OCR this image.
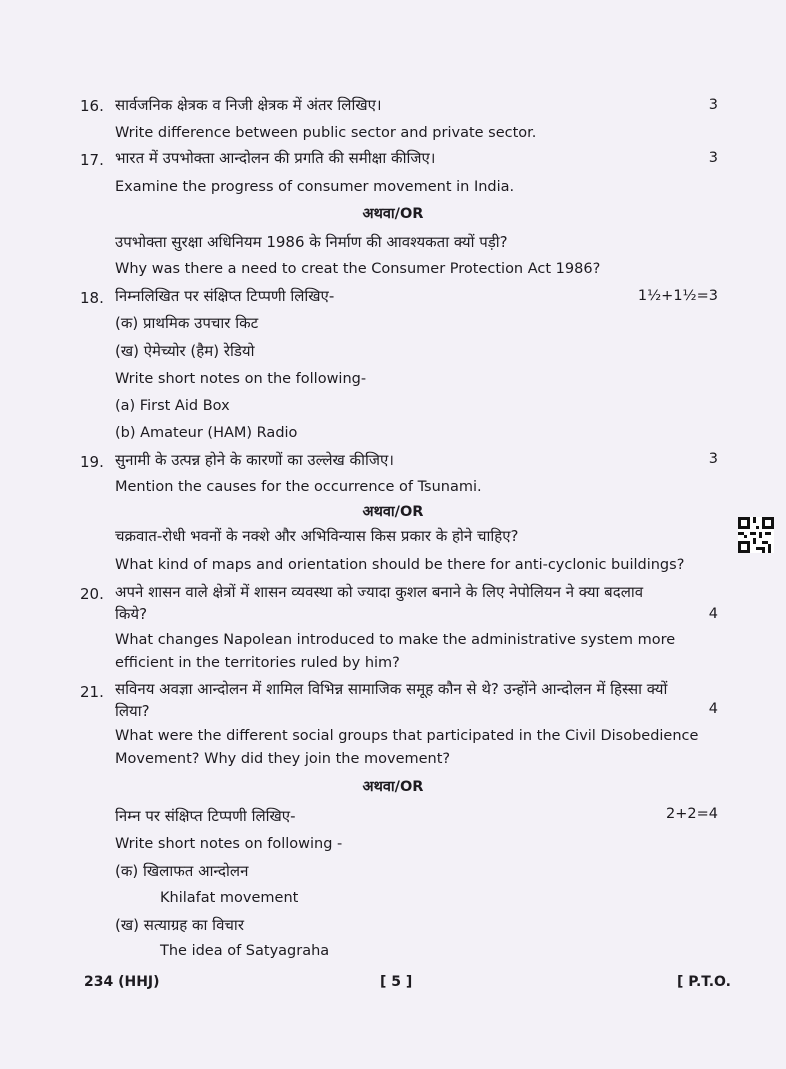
16. सार्वजनिक क्षेत्रक व निजी क्षेत्रक में अंतर लिखिए।	3
Write difference between public sector and private sector.
17. भारत में उपभोक्ता आन्दोलन की प्रगति की समीक्षा कीजिए।	3
Examine the progress of consumer movement in India.
अथवा/OR
उपभोक्ता सुरक्षा अधिनियम 1986 के निर्माण की आवश्यकता क्यों पड़ी?
Why was there a need to creat the Consumer Protection Act 1986?
18. निम्नलिखित पर संक्षिप्त टिप्पणी लिखिए-	1½+1½=3
(क) प्राथमिक उपचार किट
(ख) ऐमेच्योर (हैम) रेडियो
Write short notes on the following-
(a) First Aid Box
(b) Amateur (HAM) Radio
19. सुनामी के उत्पन्न होने के कारणों का उल्लेख कीजिए।	3
Mention the causes for the occurrence of Tsunami.
अथवा/OR
चक्रवात-रोधी भवनों के नक्शे और अभिविन्यास किस प्रकार के होने चाहिए?
What kind of maps and orientation should be there for anti-cyclonic buildings?
20. अपने शासन वाले क्षेत्रों में शासन व्यवस्था को ज्यादा कुशल बनाने के लिए नेपोलियन ने क्या बदलाव
किये?	4
What changes Napolean introduced to make the administrative system more
efficient in the territories ruled by him?
21. सविनय अवज्ञा आन्दोलन में शामिल विभिन्न सामाजिक समूह कौन से थे? उन्होंने आन्दोलन में हिस्सा क्यों
लिया?	4
What were the different social groups that participated in the Civil Disobedience
Movement? Why did they join the movement?
अथवा/OR
निम्न पर संक्षिप्त टिप्पणी लिखिए-	2+2=4
Write short notes on following -
(क) खिलाफत आन्दोलन
Khilafat movement
(ख) सत्याग्रह का विचार
The idea of Satyagraha
234 (HHJ)	[ 5 ]	[ P.T.O.
